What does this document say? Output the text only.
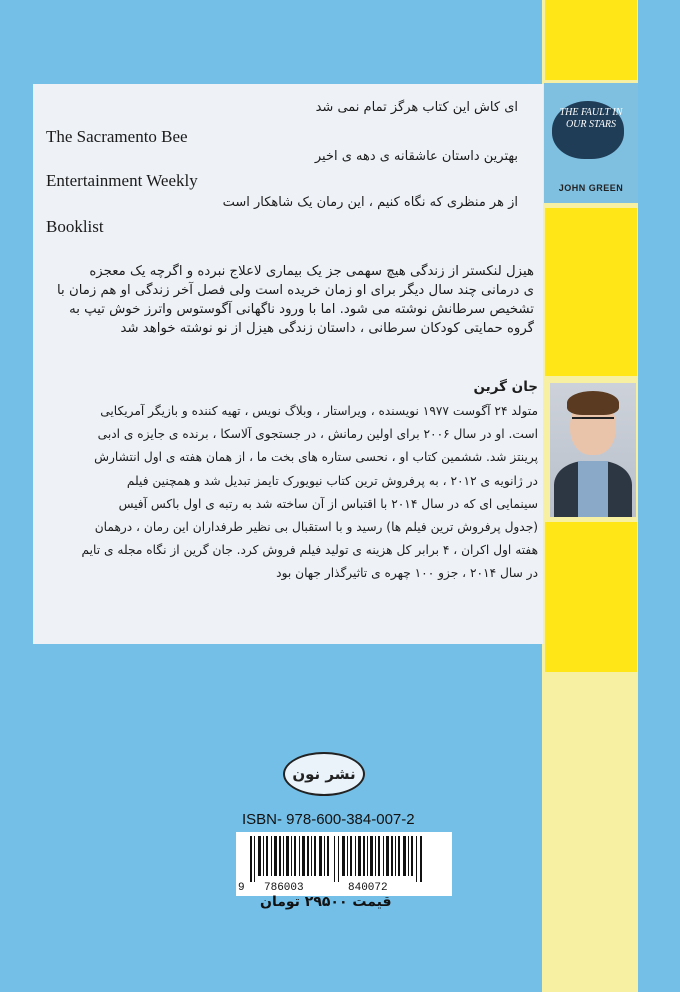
THE FAULT IN OUR STARS
JOHN GREEN
ای کاش این کتاب هرگز تمام نمی شد
The Sacramento Bee
بهترین داستان عاشقانه ی دهه ی اخیر
Entertainment Weekly
از هر منظری که نگاه کنیم ، این رمان یک شاهکار است
Booklist
هیزل لنکستر از زندگی هیچ سهمی جز یک بیماری لاعلاج نبرده و اگرچه یک معجزه
ی درمانی چند سال دیگر برای او زمان خریده است ولی فصل آخر زندگی او هم زمان با
تشخیص سرطانش نوشته می شود. اما با ورود ناگهانی آگوستوس واترز خوش تیپ به
گروه حمایتی کودکان سرطانی ، داستان زندگی هیزل از نو نوشته خواهد شد
جان گرین
متولد ۲۴ آگوست ۱۹۷۷ نویسنده ، ویراستار ، وبلاگ نویس ، تهیه کننده و بازیگر آمریکایی
است. او در سال ۲۰۰۶ برای اولین رمانش ، در جستجوی آلاسکا ، برنده ی جایزه ی ادبی
پرینتز شد. ششمین کتاب او ، نحسی ستاره های بخت ما ، از همان هفته ی اول انتشارش
در ژانویه ی ۲۰۱۲ ، به پرفروش ترین کتاب نیویورک تایمز تبدیل شد و همچنین فیلم
سینمایی ای که در سال ۲۰۱۴ با اقتباس از آن ساخته شد به رتبه ی اول باکس آفیس
(جدول پرفروش ترین فیلم ها) رسید و با استقبال بی نظیر طرفداران این رمان ، درهمان
هفته اول اکران ، ۴ برابر کل هزینه ی تولید فیلم فروش کرد. جان گرین از نگاه مجله ی تایم
در سال ۲۰۱۴ ، جزو ۱۰۰ چهره ی تاثیرگذار جهان بود
نشر نون
ISBN- 978-600-384-007-2
9 786003	840072
قیمت ۲۹۵۰۰ تومان
